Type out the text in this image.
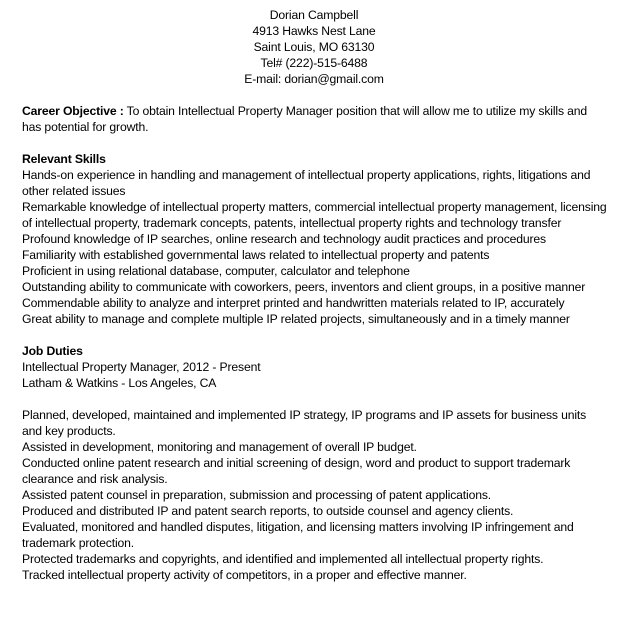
Dorian Campbell
4913 Hawks Nest Lane
Saint Louis, MO 63130
Tel# (222)-515-6488
E-mail: dorian@gmail.com
Career Objective : To obtain Intellectual Property Manager position that will allow me to utilize my skills and has potential for growth.
Relevant Skills
Hands-on experience in handling and management of intellectual property applications, rights, litigations and other related issues
Remarkable knowledge of intellectual property matters, commercial intellectual property management, licensing of intellectual property, trademark concepts, patents, intellectual property rights and technology transfer
Profound knowledge of IP searches, online research and technology audit practices and procedures
Familiarity with established governmental laws related to intellectual property and patents
Proficient in using relational database, computer, calculator and telephone
Outstanding ability to communicate with coworkers, peers, inventors and client groups, in a positive manner
Commendable ability to analyze and interpret printed and handwritten materials related to IP, accurately
Great ability to manage and complete multiple IP related projects, simultaneously and in a timely manner
Job Duties
Intellectual Property Manager, 2012 - Present
Latham & Watkins - Los Angeles, CA
Planned, developed, maintained and implemented IP strategy, IP programs and IP assets for business units and key products.
Assisted in development, monitoring and management of overall IP budget.
Conducted online patent research and initial screening of design, word and product to support trademark clearance and risk analysis.
Assisted patent counsel in preparation, submission and processing of patent applications.
Produced and distributed IP and patent search reports, to outside counsel and agency clients.
Evaluated, monitored and handled disputes, litigation, and licensing matters involving IP infringement and trademark protection.
Protected trademarks and copyrights, and identified and implemented all intellectual property rights.
Tracked intellectual property activity of competitors, in a proper and effective manner.
